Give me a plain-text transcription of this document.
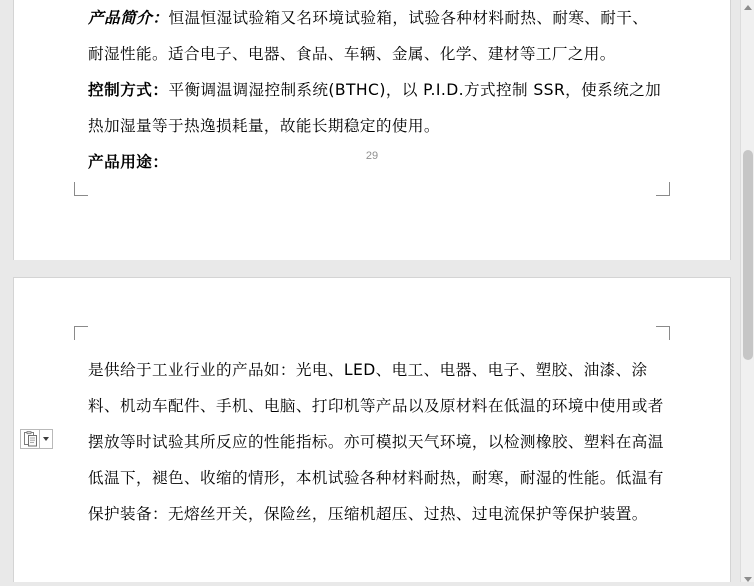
产品简介：恒温恒湿试验箱又名环境试验箱，试验各种材料耐热、耐寒、耐干、耐湿性能。适合电子、电器、食品、车辆、金属、化学、建材等工厂之用。

控制方式：平衡调温调湿控制系统(BTHC)，以 P.I.D.方式控制 SSR，使系统之加热加湿量等于热逸损耗量，故能长期稳定的使用。

产品用途：	29

是供给于工业行业的产品如：光电、LED、电工、电器、电子、塑胶、油漆、涂料、机动车配件、手机、电脑、打印机等产品以及原材料在低温的环境中使用或者摆放等时试验其所反应的性能指标。亦可模拟天气环境，以检测橡胶、塑料在高温低温下，褪色、收缩的情形，本机试验各种材料耐热，耐寒，耐湿的性能。低温有保护装备：无熔丝开关，保险丝，压缩机超压、过热、过电流保护等保护装置。
